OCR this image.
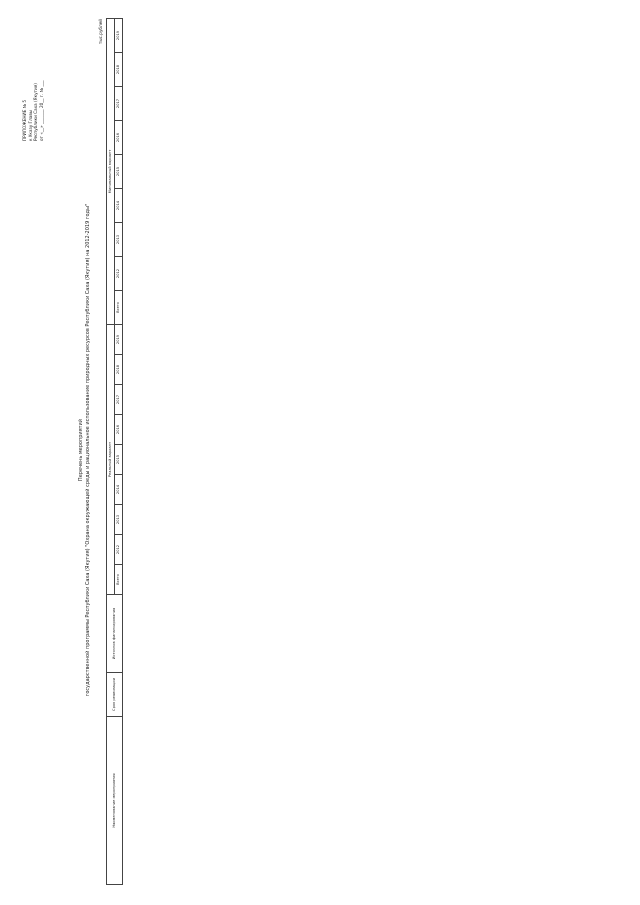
ПРИЛОЖЕНИЕ № 5 к Указу Главы Республики Саха (Якутия) от «__» _______ 20__ г. № ___
Перечень мероприятий государственной программы Республики Саха (Якутия) "Охрана окружающей среды и рациональное использование природных ресурсов Республики Саха (Якутия) на 2012-2019 годы"
тыс.рублей
Наименование мероприятия	Срок реализации	Источник финансирования	Реальный вариант									Минимальный вариант								
			Всего	2012	2013	2014	2015	2016	2017	2018	2019	Всего	2012	2013	2014	2015	2016	2017	2018	2019
